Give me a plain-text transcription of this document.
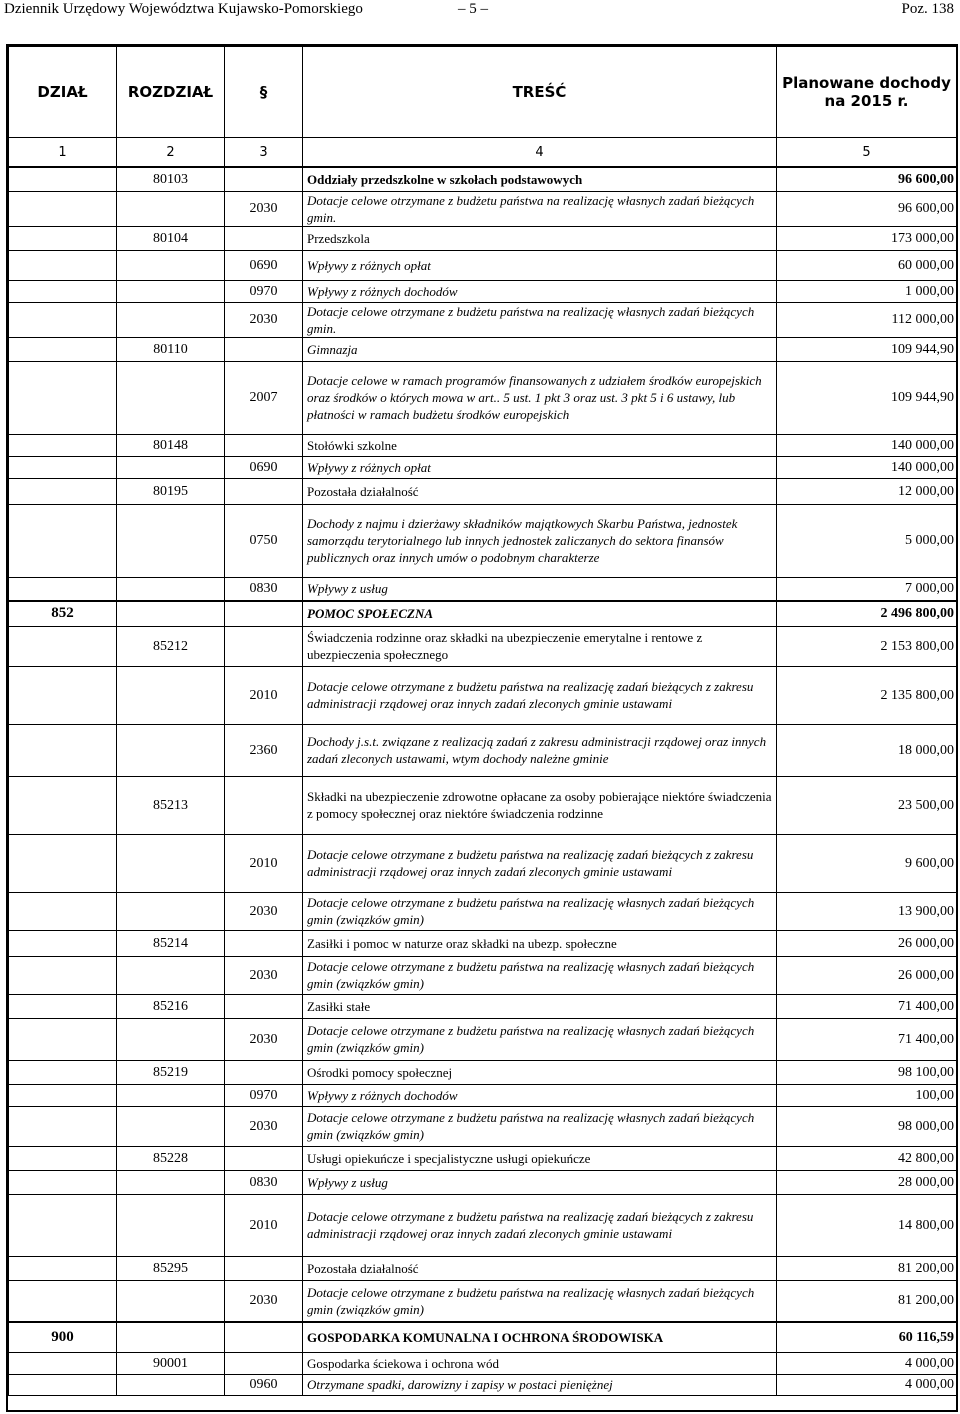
Dziennik Urzędowy Województwa Kujawsko-Pomorskiego	– 5 –	Poz. 138
DZIAŁ	ROZDZIAŁ	§	TREŚĆ	Planowane dochody na 2015 r.
1	2	3	4	5
	80103		Oddziały przedszkolne w szkołach podstawowych	96 600,00
		2030	Dotacje celowe otrzymane z budżetu państwa na realizację własnych zadań bieżących gmin.	96 600,00
	80104		Przedszkola	173 000,00
		0690	Wpływy z różnych opłat	60 000,00
		0970	Wpływy z różnych dochodów	1 000,00
		2030	Dotacje celowe otrzymane z budżetu państwa na realizację własnych zadań bieżących gmin.	112 000,00
	80110		Gimnazja	109 944,90
		2007	Dotacje celowe w ramach programów finansowanych z udziałem środków europejskich oraz środków o których mowa w art.. 5 ust. 1 pkt 3 oraz ust. 3 pkt 5 i 6 ustawy, lub płatności w ramach budżetu środków europejskich	109 944,90
	80148		Stołówki szkolne	140 000,00
		0690	Wpływy z różnych opłat	140 000,00
	80195		Pozostała działalność	12 000,00
		0750	Dochody z najmu i dzierżawy składników majątkowych Skarbu Państwa, jednostek samorządu terytorialnego lub innych jednostek zaliczanych do sektora finansów publicznych oraz innych umów o podobnym charakterze	5 000,00
		0830	Wpływy z usług	7 000,00
852			POMOC SPOŁECZNA	2 496 800,00
	85212		Świadczenia rodzinne oraz składki na ubezpieczenie emerytalne i rentowe z ubezpieczenia społecznego	2 153 800,00
		2010	Dotacje celowe otrzymane z budżetu państwa na realizację zadań bieżących z zakresu administracji rządowej oraz innych zadań zleconych gminie ustawami	2 135 800,00
		2360	Dochody j.s.t. związane z realizacją zadań z zakresu administracji rządowej oraz innych zadań zleconych ustawami, wtym dochody należne gminie	18 000,00
	85213		Składki na ubezpieczenie zdrowotne opłacane za osoby pobierające niektóre świadczenia z pomocy społecznej oraz niektóre świadczenia rodzinne	23 500,00
		2010	Dotacje celowe otrzymane z budżetu państwa na realizację zadań bieżących z zakresu administracji rządowej oraz innych zadań zleconych gminie ustawami	9 600,00
		2030	Dotacje celowe otrzymane z budżetu państwa na realizację własnych zadań bieżących gmin (związków gmin)	13 900,00
	85214		Zasiłki i pomoc w naturze oraz składki na ubezp. społeczne	26 000,00
		2030	Dotacje celowe otrzymane z budżetu państwa na realizację własnych zadań bieżących gmin (związków gmin)	26 000,00
	85216		Zasiłki stałe	71 400,00
		2030	Dotacje celowe otrzymane z budżetu państwa na realizację własnych zadań bieżących gmin (związków gmin)	71 400,00
	85219		Ośrodki pomocy społecznej	98 100,00
		0970	Wpływy z różnych dochodów	100,00
		2030	Dotacje celowe otrzymane z budżetu państwa na realizację własnych zadań bieżących gmin (związków gmin)	98 000,00
	85228		Usługi opiekuńcze i specjalistyczne usługi opiekuńcze	42 800,00
		0830	Wpływy z usług	28 000,00
		2010	Dotacje celowe otrzymane z budżetu państwa na realizację zadań bieżących z zakresu administracji rządowej oraz innych zadań zleconych gminie ustawami	14 800,00
	85295		Pozostała działalność	81 200,00
		2030	Dotacje celowe otrzymane z budżetu państwa na realizację własnych zadań bieżących gmin (związków gmin)	81 200,00
900			GOSPODARKA KOMUNALNA I OCHRONA ŚRODOWISKA	60 116,59
	90001		Gospodarka ściekowa i ochrona wód	4 000,00
		0960	Otrzymane spadki, darowizny i zapisy w postaci pieniężnej	4 000,00
